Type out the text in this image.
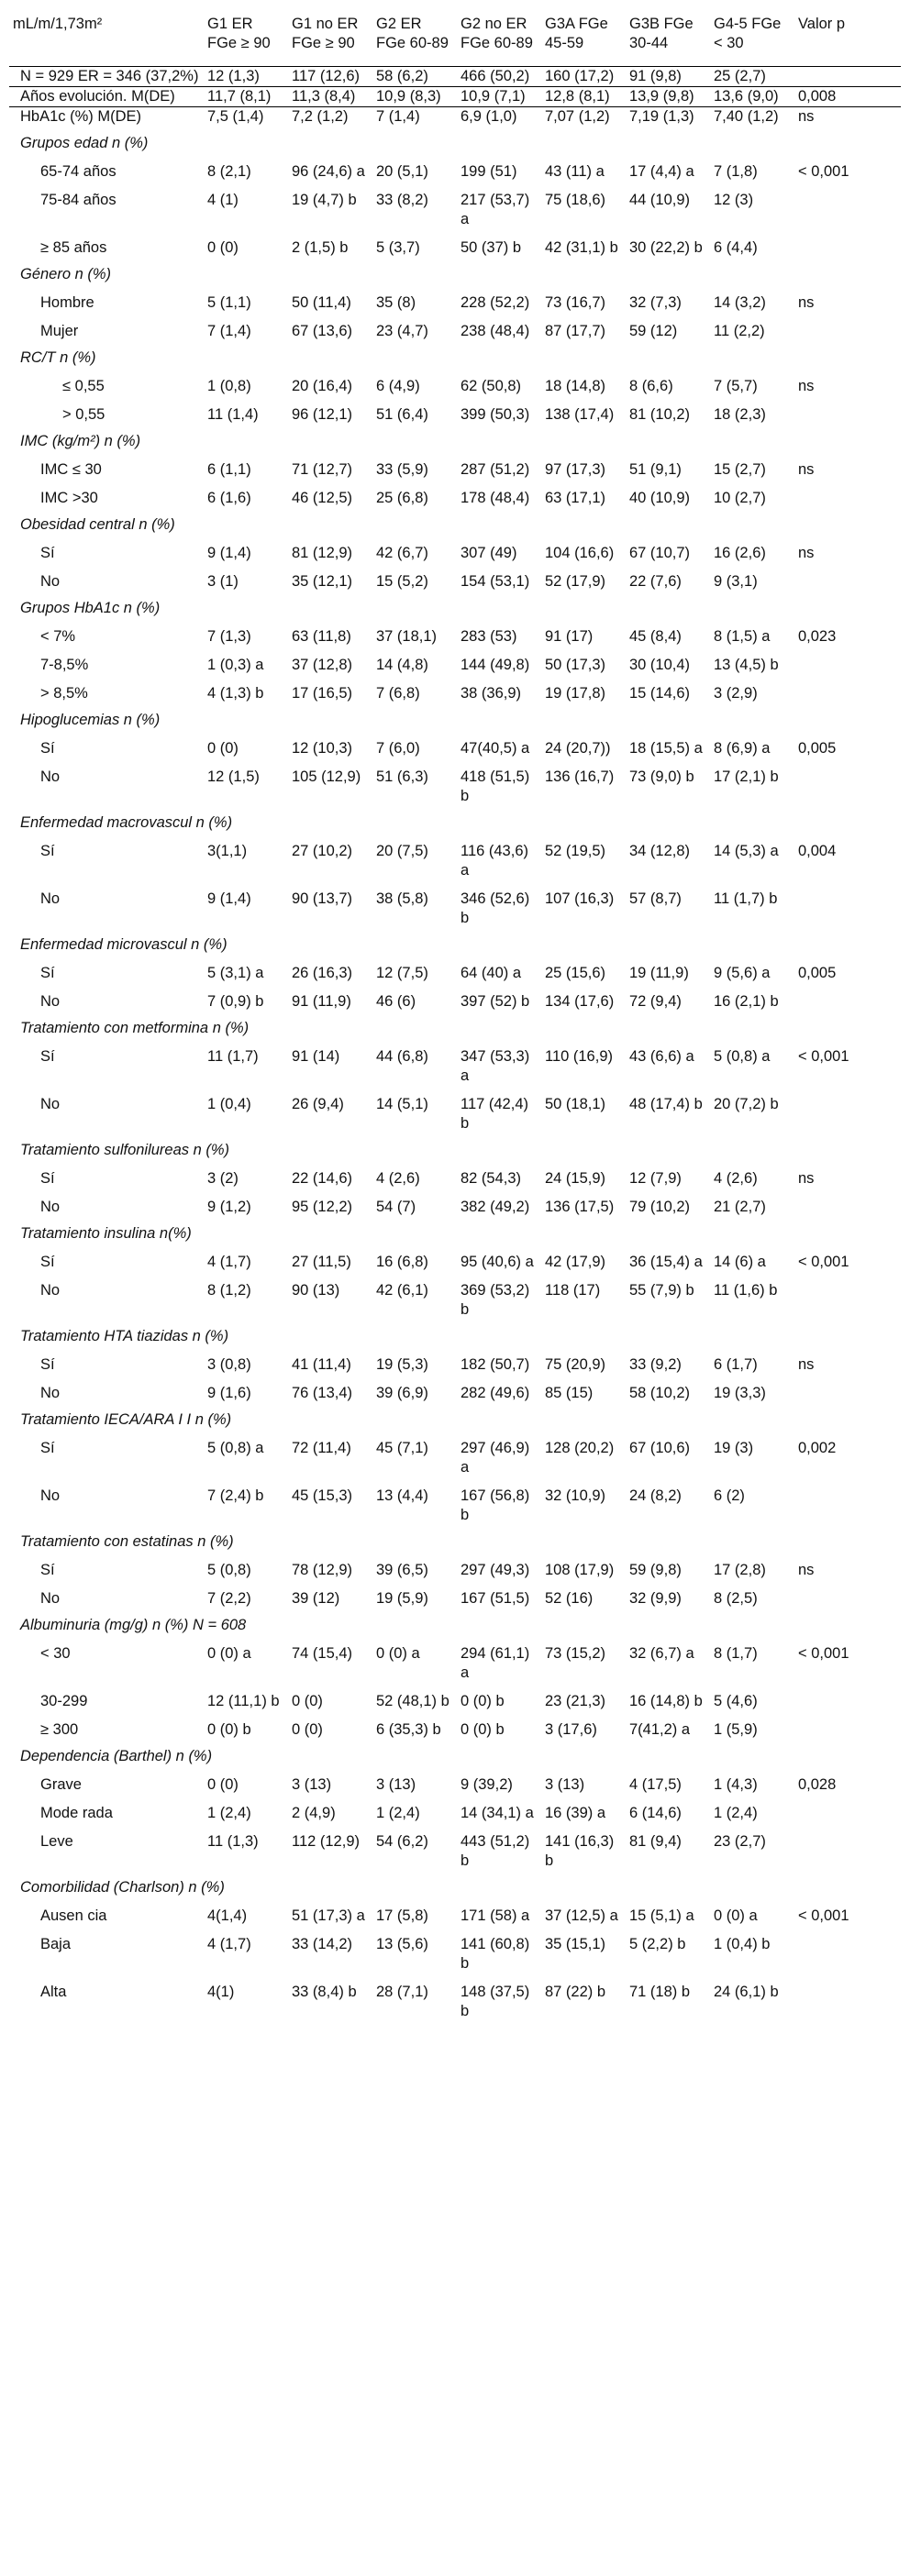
mL/m/1,73m²	G1 ER FGe ≥ 90	G1 no ER FGe ≥ 90	G2 ER FGe 60-89	G2 no ER FGe 60-89	G3A FGe 45-59	G3B FGe 30-44	G4-5 FGe < 30	Valor p
N = 929 ER = 346 (37,2%)	12 (1,3)	117 (12,6)	58 (6,2)	466 (50,2)	160 (17,2)	91 (9,8)	25 (2,7)	
Años evolución. M(DE)	11,7 (8,1)	11,3 (8,4)	10,9 (8,3)	10,9 (7,1)	12,8 (8,1)	13,9 (9,8)	13,6 (9,0)	0,008
HbA1c (%) M(DE)	7,5 (1,4)	7,2 (1,2)	7 (1,4)	6,9 (1,0)	7,07 (1,2)	7,19 (1,3)	7,40 (1,2)	ns
Grupos edad n (%)								
65-74 años	8 (2,1)	96 (24,6) a	20 (5,1)	199 (51)	43 (11) a	17 (4,4) a	7 (1,8)	< 0,001
75-84 años	4 (1)	19 (4,7) b	33 (8,2)	217 (53,7) a	75 (18,6)	44 (10,9)	12 (3)	
≥ 85 años	0 (0)	2 (1,5) b	5 (3,7)	50 (37) b	42 (31,1) b	30 (22,2) b	6 (4,4)	
Género n (%)								
Hombre	5 (1,1)	50 (11,4)	35 (8)	228 (52,2)	73 (16,7)	32 (7,3)	14 (3,2)	ns
Mujer	7 (1,4)	67 (13,6)	23 (4,7)	238 (48,4)	87 (17,7)	59 (12)	11 (2,2)	
RC/T n (%)								
≤ 0,55	1 (0,8)	20 (16,4)	6 (4,9)	62 (50,8)	18 (14,8)	8 (6,6)	7 (5,7)	ns
> 0,55	11 (1,4)	96 (12,1)	51 (6,4)	399 (50,3)	138 (17,4)	81 (10,2)	18 (2,3)	
IMC (kg/m²) n (%)								
IMC ≤ 30	6 (1,1)	71 (12,7)	33 (5,9)	287 (51,2)	97 (17,3)	51 (9,1)	15 (2,7)	ns
IMC >30	6 (1,6)	46 (12,5)	25 (6,8)	178 (48,4)	63 (17,1)	40 (10,9)	10 (2,7)	
Obesidad central n (%)								
Sí	9 (1,4)	81 (12,9)	42 (6,7)	307 (49)	104 (16,6)	67 (10,7)	16 (2,6)	ns
No	3 (1)	35 (12,1)	15 (5,2)	154 (53,1)	52 (17,9)	22 (7,6)	9 (3,1)	
Grupos HbA1c n (%)								
< 7%	7 (1,3)	63 (11,8)	37 (18,1)	283 (53)	91 (17)	45 (8,4)	8 (1,5) a	0,023
7-8,5%	1 (0,3) a	37 (12,8)	14 (4,8)	144 (49,8)	50 (17,3)	30 (10,4)	13 (4,5) b	
> 8,5%	4 (1,3) b	17 (16,5)	7 (6,8)	38 (36,9)	19 (17,8)	15 (14,6)	3 (2,9)	
Hipoglucemias n (%)								
Sí	0 (0)	12 (10,3)	7 (6,0)	47(40,5) a	24 (20,7))	18 (15,5) a	8 (6,9) a	0,005
No	12 (1,5)	105 (12,9)	51 (6,3)	418 (51,5) b	136 (16,7)	73 (9,0) b	17 (2,1) b	
Enfermedad macrovascul n (%)								
Sí	3(1,1)	27 (10,2)	20 (7,5)	116 (43,6) a	52 (19,5)	34 (12,8)	14 (5,3) a	0,004
No	9 (1,4)	90 (13,7)	38 (5,8)	346 (52,6) b	107 (16,3)	57 (8,7)	11 (1,7) b	
Enfermedad microvascul n (%)								
Sí	5 (3,1) a	26 (16,3)	12 (7,5)	64 (40) a	25 (15,6)	19 (11,9)	9 (5,6) a	0,005
No	7 (0,9) b	91 (11,9)	46 (6)	397 (52) b	134 (17,6)	72 (9,4)	16 (2,1) b	
Tratamiento con metformina n (%)								
Sí	11 (1,7)	91 (14)	44 (6,8)	347 (53,3) a	110 (16,9)	43 (6,6) a	5 (0,8) a	< 0,001
No	1 (0,4)	26 (9,4)	14 (5,1)	117 (42,4) b	50 (18,1)	48 (17,4) b	20 (7,2) b	
Tratamiento sulfonilureas n (%)								
Sí	3 (2)	22 (14,6)	4 (2,6)	82 (54,3)	24 (15,9)	12 (7,9)	4 (2,6)	ns
No	9 (1,2)	95 (12,2)	54 (7)	382 (49,2)	136 (17,5)	79 (10,2)	21 (2,7)	
Tratamiento insulina n(%)								
Sí	4 (1,7)	27 (11,5)	16 (6,8)	95 (40,6) a	42 (17,9)	36 (15,4) a	14 (6) a	< 0,001
No	8 (1,2)	90 (13)	42 (6,1)	369 (53,2) b	118 (17)	55 (7,9) b	11 (1,6) b	
Tratamiento HTA tiazidas n (%)								
Sí	3 (0,8)	41 (11,4)	19 (5,3)	182 (50,7)	75 (20,9)	33 (9,2)	6 (1,7)	ns
No	9 (1,6)	76 (13,4)	39 (6,9)	282 (49,6)	85 (15)	58 (10,2)	19 (3,3)	
Tratamiento IECA/ARA I I n (%)								
Sí	5 (0,8) a	72 (11,4)	45 (7,1)	297 (46,9) a	128 (20,2)	67 (10,6)	19 (3)	0,002
No	7 (2,4) b	45 (15,3)	13 (4,4)	167 (56,8) b	32 (10,9)	24 (8,2)	6 (2)	
Tratamiento con estatinas n (%)								
Sí	5 (0,8)	78 (12,9)	39 (6,5)	297 (49,3)	108 (17,9)	59 (9,8)	17 (2,8)	ns
No	7 (2,2)	39 (12)	19 (5,9)	167 (51,5)	52 (16)	32 (9,9)	8 (2,5)	
Albuminuria (mg/g) n (%) N = 608								
< 30	0 (0) a	74 (15,4)	0 (0) a	294 (61,1) a	73 (15,2)	32 (6,7) a	8 (1,7)	< 0,001
30-299	12 (11,1) b	0 (0)	52 (48,1) b	0 (0) b	23 (21,3)	16 (14,8) b	5 (4,6)	
≥ 300	0 (0) b	0 (0)	6 (35,3) b	0 (0) b	3 (17,6)	7(41,2) a	1 (5,9)	
Dependencia (Barthel) n (%)								
Grave	0 (0)	3 (13)	3 (13)	9 (39,2)	3 (13)	4 (17,5)	1 (4,3)	0,028
Mode rada	1 (2,4)	2 (4,9)	1 (2,4)	14 (34,1) a	16 (39) a	6 (14,6)	1 (2,4)	
Leve	11 (1,3)	112 (12,9)	54 (6,2)	443 (51,2) b	141 (16,3) b	81 (9,4)	23 (2,7)	
Comorbilidad (Charlson) n (%)								
Ausen cia	4(1,4)	51 (17,3) a	17 (5,8)	171 (58) a	37 (12,5) a	15 (5,1) a	0 (0) a	< 0,001
Baja	4 (1,7)	33 (14,2)	13 (5,6)	141 (60,8) b	35 (15,1)	5 (2,2) b	1 (0,4) b	
Alta	4(1)	33 (8,4) b	28 (7,1)	148 (37,5) b	87 (22) b	71 (18) b	24 (6,1) b	
